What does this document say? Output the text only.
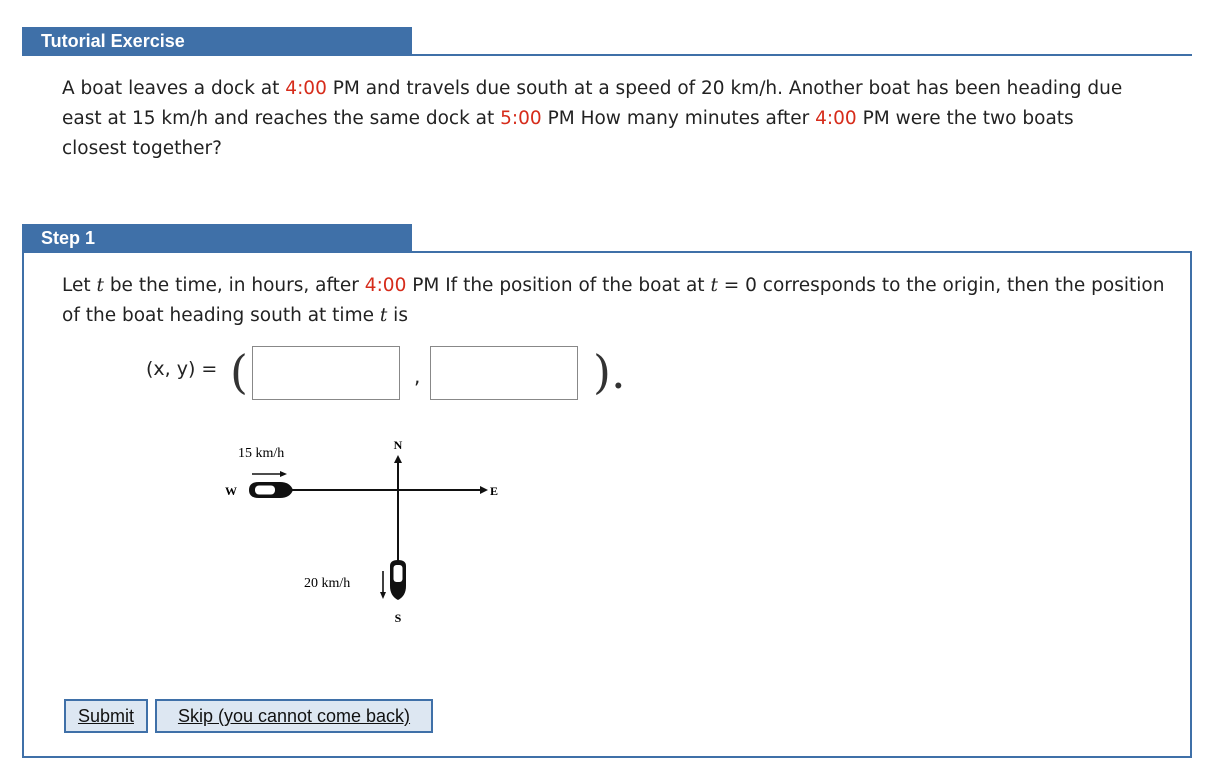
Tutorial Exercise
A boat leaves a dock at 4:00 PM and travels due south at a speed of 20 km/h. Another boat has been heading due east at 15 km/h and reaches the same dock at 5:00 PM How many minutes after 4:00 PM were the two boats closest together?
Step 1
Let t be the time, in hours, after 4:00 PM If the position of the boat at t = 0 corresponds to the origin, then the position of the boat heading south at time t is
(x, y) = (	,	).
N
E
W
S
15 km/h
20 km/h
Submit	Skip (you cannot come back)
